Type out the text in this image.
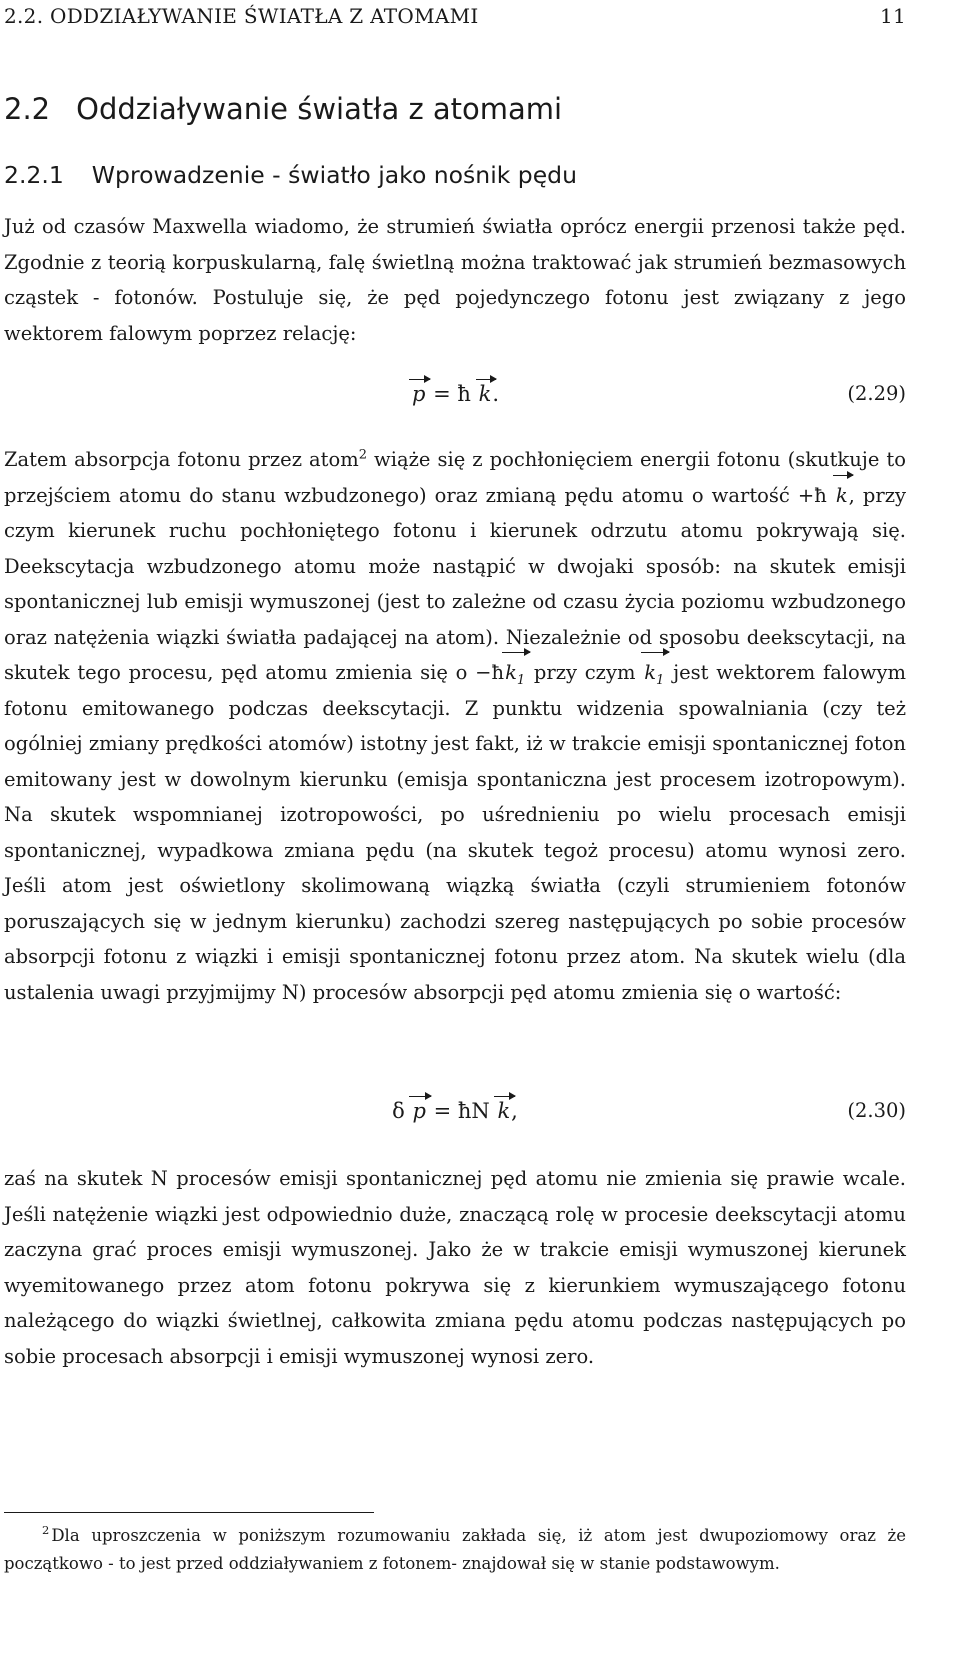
2.2. ODDZIAŁYWANIE ŚWIATŁA Z ATOMAMI	11
2.2 Oddziaływanie światła z atomami
2.2.1 Wprowadzenie - światło jako nośnik pędu
Już od czasów Maxwella wiadomo, że strumień światła oprócz energii przenosi także pęd. Zgodnie z teorią korpuskularną, falę świetlną można traktować jak strumień bezmasowych cząstek - fotonów. Postuluje się, że pęd pojedynczego fotonu jest związany z jego wektorem falowym poprzez relację:
p = ħ k.	(2.29)
Zatem absorpcja fotonu przez atom$^2$ wiąże się z pochłonięciem energii fotonu (skutkuje to przejściem atomu do stanu wzbudzonego) oraz zmianą pędu atomu o wartość +ħ k, przy czym kierunek ruchu pochłoniętego fotonu i kierunek odrzutu atomu pokrywają się. Deekscytacja wzbudzonego atomu może nastąpić w dwojaki sposób: na skutek emisji spontanicznej lub emisji wymuszonej (jest to zależne od czasu życia poziomu wzbudzonego oraz natężenia wiązki światła padającej na atom). Niezależnie od sposobu deekscytacji, na skutek tego procesu, pęd atomu zmienia się $o -ħk_1$ przy czym $k_1$ jest wektorem falowym fotonu emitowanego podczas deekscytacji. Z punktu widzenia spowalniania (czy też ogólniej zmiany prędkości atomów) istotny jest fakt, iż w trakcie emisji spontanicznej foton emitowany jest w dowolnym kierunku (emisja spontaniczna jest procesem izotropowym). Na skutek wspomnianej izotropowości, po uśrednieniu po wielu procesach emisji spontanicznej, wypadkowa zmiana pędu (na skutek tegoż procesu) atomu wynosi zero. Jeśli atom jest oświetlony skolimowaną wiązką światła (czyli strumieniem fotonów poruszających się w jednym kierunku) zachodzi szereg następujących po sobie procesów absorpcji fotonu z wiązki i emisji spontanicznej fotonu przez atom. Na skutek wielu (dla ustalenia uwagi przyjmijmy N) procesów absorpcji pęd atomu zmienia się o wartość:
δ p = ħN k,	(2.30)
zaś na skutek N procesów emisji spontanicznej pęd atomu nie zmienia się prawie wcale. Jeśli natężenie wiązki jest odpowiednio duże, znaczącą rolę w procesie deekscytacji atomu zaczyna grać proces emisji wymuszonej. Jako że w trakcie emisji wymuszonej kierunek wyemitowanego przez atom fotonu pokrywa się z kierunkiem wymuszającego fotonu należącego do wiązki świetlnej, całkowita zmiana pędu atomu podczas następujących po sobie procesach absorpcji i emisji wymuszonej wynosi zero.
$^2$ Dla uproszczenia w poniższym rozumowaniu zakłada się, iż atom jest dwupoziomowy oraz że początkowo - to jest przed oddziaływaniem z fotonem- znajdował się w stanie podstawowym.
